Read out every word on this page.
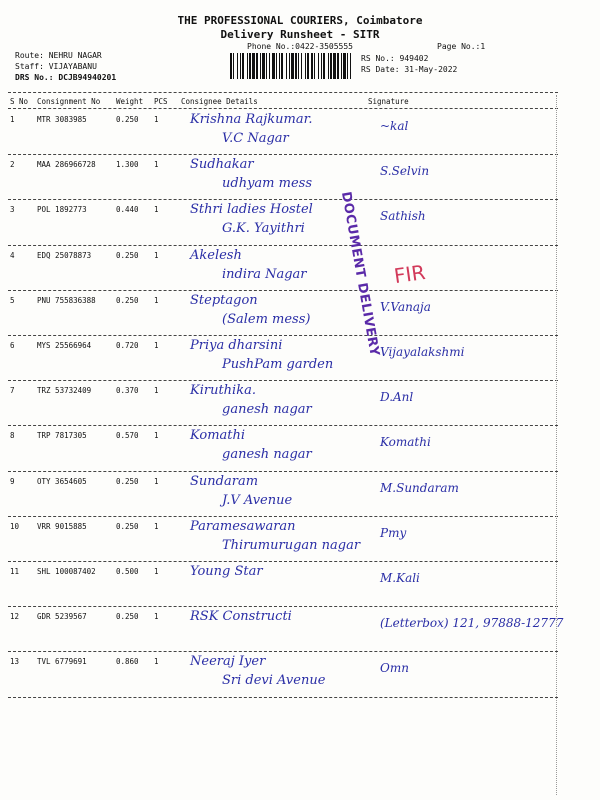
THE PROFESSIONAL COURIERS, Coimbatore
Delivery Runsheet - SITR
Phone No.:0422-3505555	Page No.:1
Route: NEHRU NAGAR
Staff: VIJAYABANU
DRS No.: DCJB94940201
RS No.: 949402
RS Date: 31-May-2022
S No Consignment No Weight PCS Consignee Details	Signature
1	MTR 3083985	0.250 1 Krishna Rajkumar.
V.C Nagar
~kal
2	MAA 286966728	1.300 1 Sudhakar
udhyam mess
S.Selvin
3	POL 1892773	0.440 1 Sthri ladies Hostel
G.K. Yayithri
Sathish
4	EDQ 25078873	0.250 1 Akelesh
indira Nagar
5	PNU 755836388	0.250 1 Steptagon
(Salem mess)
V.Vanaja
6	MYS 25566964	0.720 1 Priya dharsini
PushPam garden
Vijayalakshmi
7	TRZ 53732409	0.370 1 Kiruthika.
ganesh nagar
D.Anl
8	TRP 7817305	0.570 1 Komathi
ganesh nagar
Komathi
9	OTY 3654605	0.250 1 Sundaram
J.V Avenue
M.Sundaram
10 VRR 9015885	0.250 1 Paramesawaran
Thirumurugan nagar
Pmy
11 SHL 100087402	0.500 1 Young Star	M.Kali
12 GDR 5239567	0.250 1 RSK Constructi	(Letterbox) 121, 97888-12777
13 TVL 6779691	0.860 1 Neeraj Iyer
Sri devi Avenue
Omn
DOCUMENT DELIVERY FIR
